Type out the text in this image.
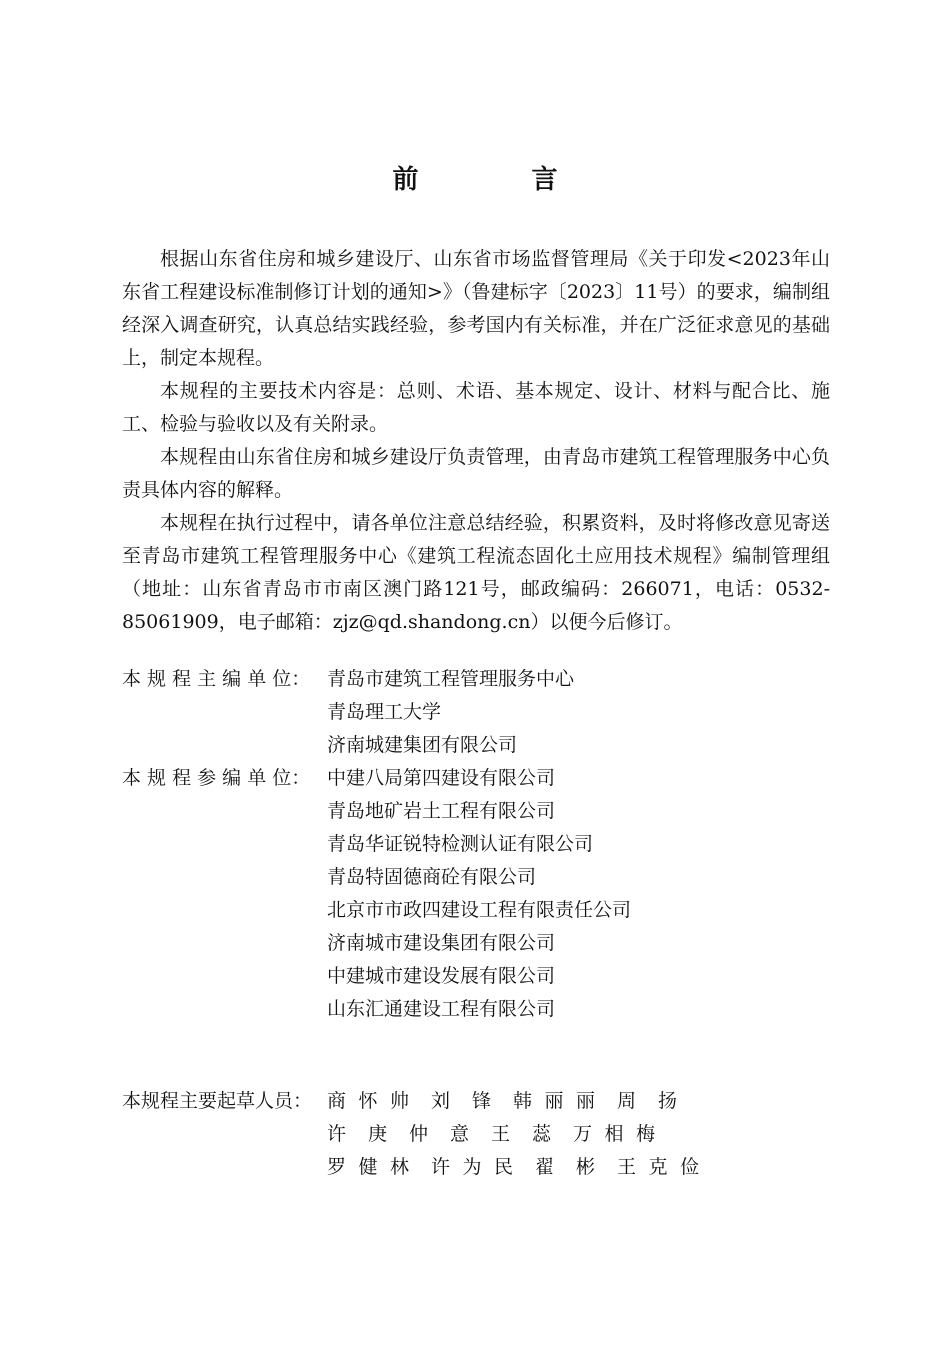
前 言

根据山东省住房和城乡建设厅、山东省市场监督管理局《关于印发<2023年山东省工程建设标准制修订计划的通知>》（鲁建标字〔2023〕11号）的要求，编制组经深入调查研究，认真总结实践经验，参考国内有关标准，并在广泛征求意见的基础上，制定本规程。

本规程的主要技术内容是：总则、术语、基本规定、设计、材料与配合比、施工、检验与验收以及有关附录。

本规程由山东省住房和城乡建设厅负责管理，由青岛市建筑工程管理服务中心负责具体内容的解释。

本规程在执行过程中，请各单位注意总结经验，积累资料，及时将修改意见寄送至青岛市建筑工程管理服务中心《建筑工程流态固化土应用技术规程》编制管理组（地址：山东省青岛市市南区澳门路121号，邮政编码：266071，电话：0532-85061909，电子邮箱：zjz@qd.shandong.cn）以便今后修订。

本 规 程 主 编 单 位： 青岛市建筑工程管理服务中心
青岛理工大学
济南城建集团有限公司
本 规 程 参 编 单 位： 中建八局第四建设有限公司
青岛地矿岩土工程有限公司
青岛华证锐特检测认证有限公司
青岛特固德商砼有限公司
北京市市政四建设工程有限责任公司
济南城市建设集团有限公司
中建城市建设发展有限公司
山东汇通建设工程有限公司
本规程主要起草人员： 商怀帅	刘 锋	韩丽丽	周 扬
许 庚	仲 意	王 蕊	万相梅
罗健林	许为民	翟 彬	王克俭
